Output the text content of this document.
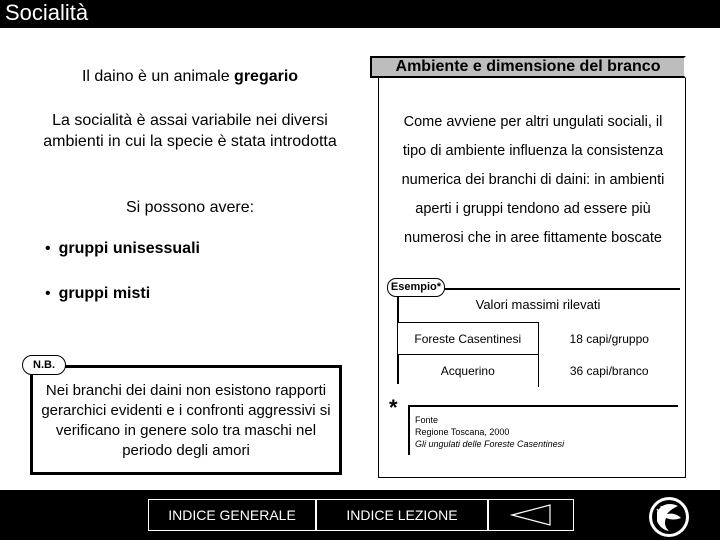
Socialità
Il daino è un animale gregario
La socialità è assai variabile nei diversi ambienti in cui la specie è stata introdotta
Si possono avere:
• gruppi unisessuali
• gruppi misti
N.B.
Nei branchi dei daini non esistono rapporti gerarchici evidenti e i confronti aggressivi si verificano in genere solo tra maschi nel periodo degli amori
Ambiente e dimensione del branco
Come avviene per altri ungulati sociali, il
tipo di ambiente influenza la consistenza
numerica dei branchi di daini: in ambienti
aperti i gruppi tendono ad essere più
numerosi che in aree fittamente boscate
Esempio*
Valori massimi rilevati
Foreste Casentinesi	18 capi/gruppo
Acquerino	36 capi/branco
* Fonte
Regione Toscana, 2000
Gli ungulati delle Foreste Casentinesi
INDICE GENERALE	INDICE LEZIONE
